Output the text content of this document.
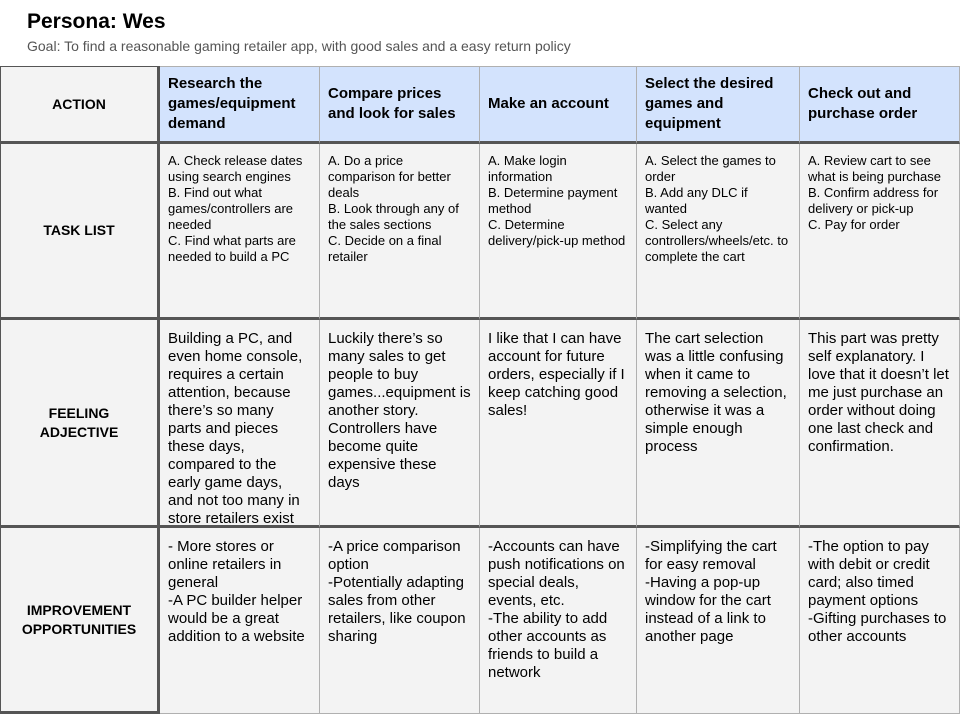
Persona: Wes
Goal: To find a reasonable gaming retailer app, with good sales and a easy return policy
ACTION
Research the games/equipment demand
Compare prices and look for sales
Make an account
Select the desired games and equipment
Check out and purchase order
TASK LIST
A. Check release dates using search engines
B. Find out what games/controllers are needed
C. Find what parts are needed to build a PC
A. Do a price comparison for better deals
B. Look through any of the sales sections
C. Decide on a final retailer
A. Make login information
B. Determine payment method
C. Determine delivery/pick-up method
A. Select the games to order
B. Add any DLC if wanted
C. Select any controllers/wheels/etc. to complete the cart
A. Review cart to see what is being purchase
B. Confirm address for delivery or pick-up
C. Pay for order
FEELING
ADJECTIVE
Building a PC, and even home console, requires a certain attention, because there’s so many parts and pieces these days, compared to the early game days, and not too many in store retailers exist
Luckily there’s so many sales to get people to buy games...equipment is another story. Controllers have become quite expensive these days
I like that I can have account for future orders, especially if I keep catching good sales!
The cart selection was a little confusing when it came to removing a selection, otherwise it was a simple enough process
This part was pretty self explanatory. I love that it doesn’t let me just purchase an order without doing one last check and confirmation.
IMPROVEMENT
OPPORTUNITIES
- More stores or online retailers in general
-A PC builder helper would be a great addition to a website
-A price comparison option
-Potentially adapting sales from other retailers, like coupon sharing
-Accounts can have push notifications on special deals, events, etc.
-The ability to add other accounts as friends to build a network
-Simplifying the cart for easy removal
-Having a pop-up window for the cart instead of a link to another page
-The option to pay with debit or credit card; also timed payment options
-Gifting purchases to other accounts
